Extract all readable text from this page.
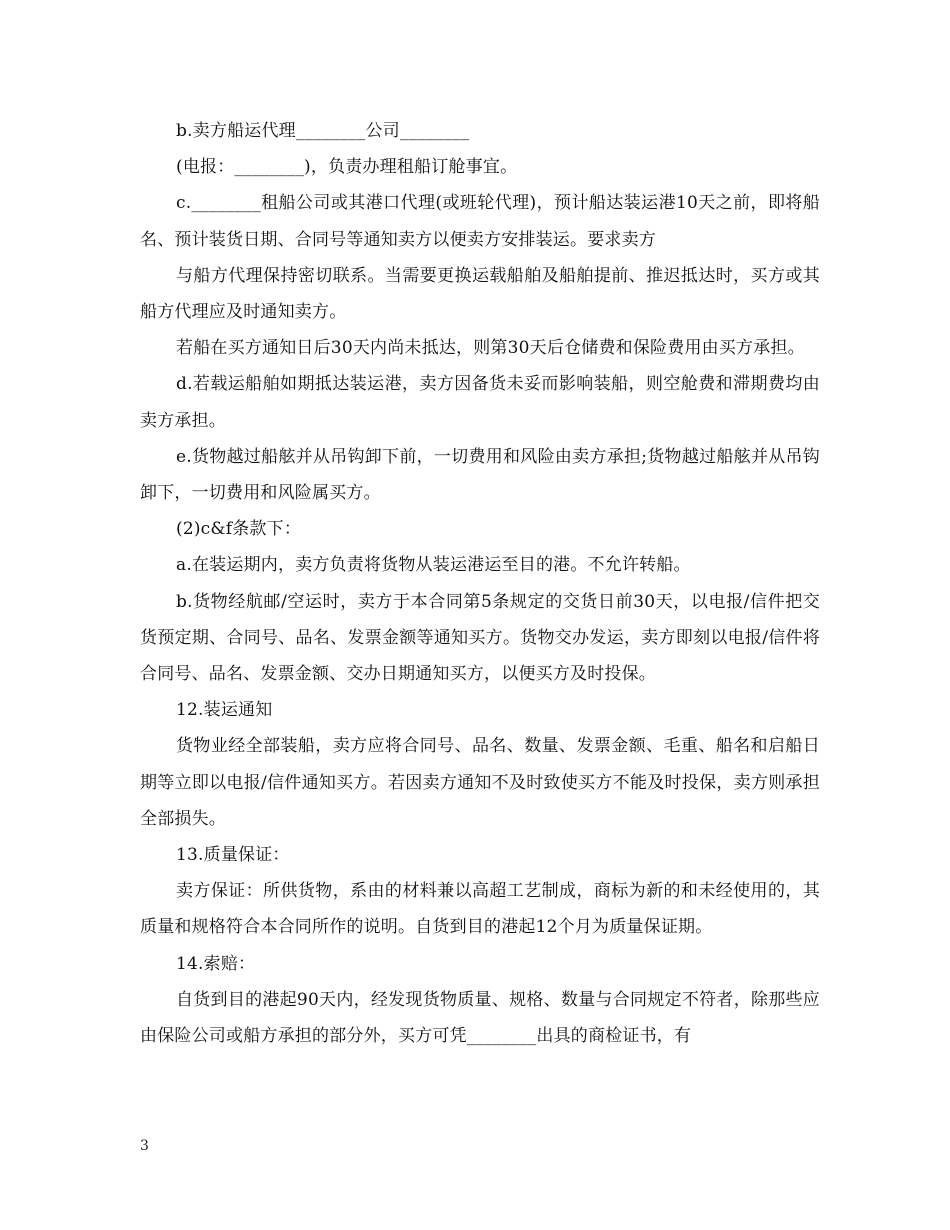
b.卖方船运代理________公司________

(电报：________)，负责办理租船订舱事宜。

c.________租船公司或其港口代理(或班轮代理)，预计船达装运港10天之前，即将船名、预计装货日期、合同号等通知卖方以便卖方安排装运。要求卖方

与船方代理保持密切联系。当需要更换运载船舶及船舶提前、推迟抵达时，买方或其船方代理应及时通知卖方。

若船在买方通知日后30天内尚未抵达，则第30天后仓储费和保险费用由买方承担。

d.若载运船舶如期抵达装运港，卖方因备货未妥而影响装船，则空舱费和滞期费均由卖方承担。

e.货物越过船舷并从吊钩卸下前，一切费用和风险由卖方承担;货物越过船舷并从吊钩卸下，一切费用和风险属买方。

(2)c&f条款下：

a.在装运期内，卖方负责将货物从装运港运至目的港。不允许转船。

b.货物经航邮/空运时，卖方于本合同第5条规定的交货日前30天，以电报/信件把交货预定期、合同号、品名、发票金额等通知买方。货物交办发运，卖方即刻以电报/信件将合同号、品名、发票金额、交办日期通知买方，以便买方及时投保。

12.装运通知

货物业经全部装船，卖方应将合同号、品名、数量、发票金额、毛重、船名和启船日期等立即以电报/信件通知买方。若因卖方通知不及时致使买方不能及时投保，卖方则承担全部损失。

13.质量保证：

卖方保证：所供货物，系由的材料兼以高超工艺制成，商标为新的和未经使用的，其质量和规格符合本合同所作的说明。自货到目的港起12个月为质量保证期。

14.索赔：

自货到目的港起90天内，经发现货物质量、规格、数量与合同规定不符者，除那些应由保险公司或船方承担的部分外，买方可凭________出具的商检证书，有

3
